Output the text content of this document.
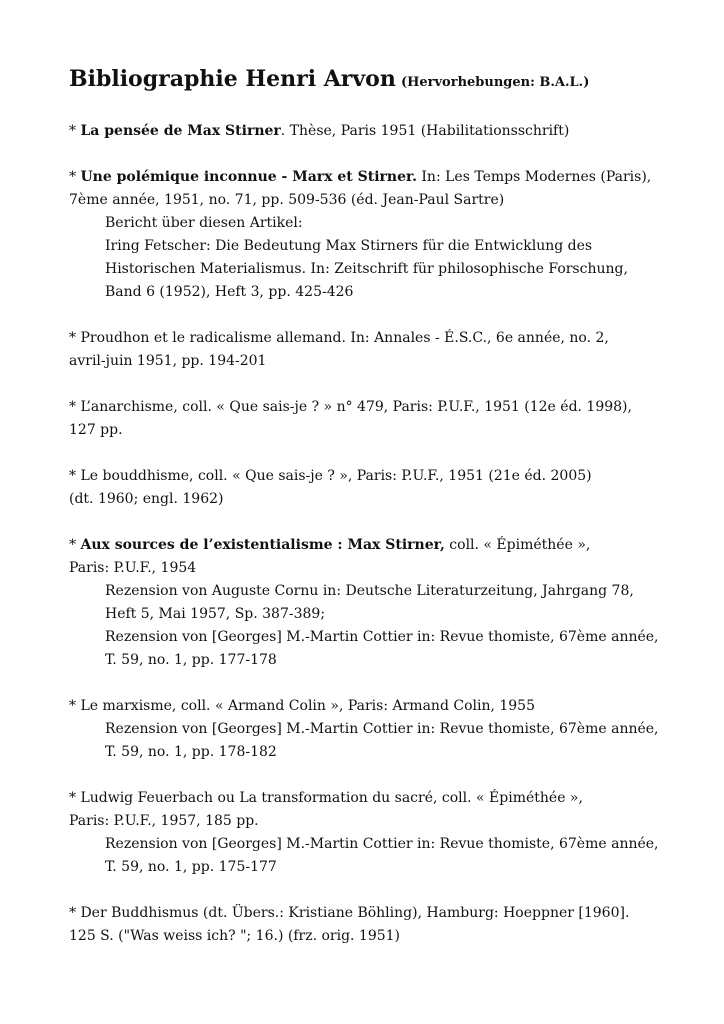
Bibliographie Henri Arvon (Hervorhebungen: B.A.L.)
* La pensée de Max Stirner. Thèse, Paris 1951 (Habilitationsschrift)
* Une polémique inconnue - Marx et Stirner. In: Les Temps Modernes (Paris),
7ème année, 1951, no. 71, pp. 509-536 (éd. Jean-Paul Sartre)
Bericht über diesen Artikel:
Iring Fetscher: Die Bedeutung Max Stirners für die Entwicklung des
Historischen Materialismus. In: Zeitschrift für philosophische Forschung,
Band 6 (1952), Heft 3, pp. 425-426
* Proudhon et le radicalisme allemand. In: Annales - É.S.C., 6e année, no. 2,
avril-juin 1951, pp. 194-201
* L’anarchisme, coll. « Que sais-je ? » n° 479, Paris: P.U.F., 1951 (12e éd. 1998),
127 pp.
* Le bouddhisme, coll. « Que sais-je ? », Paris: P.U.F., 1951 (21e éd. 2005)
(dt. 1960; engl. 1962)
* Aux sources de l’existentialisme : Max Stirner, coll. « Épiméthée »,
Paris: P.U.F., 1954
Rezension von Auguste Cornu in: Deutsche Literaturzeitung, Jahrgang 78,
Heft 5, Mai 1957, Sp. 387-389;
Rezension von [Georges] M.-Martin Cottier in: Revue thomiste, 67ème année,
T. 59, no. 1, pp. 177-178
* Le marxisme, coll. « Armand Colin », Paris: Armand Colin, 1955
Rezension von [Georges] M.-Martin Cottier in: Revue thomiste, 67ème année,
T. 59, no. 1, pp. 178-182
* Ludwig Feuerbach ou La transformation du sacré, coll. « Épiméthée »,
Paris: P.U.F., 1957, 185 pp.
Rezension von [Georges] M.-Martin Cottier in: Revue thomiste, 67ème année,
T. 59, no. 1, pp. 175-177
* Der Buddhismus (dt. Übers.: Kristiane Böhling), Hamburg: Hoeppner [1960].
125 S. ("Was weiss ich? "; 16.) (frz. orig. 1951)
